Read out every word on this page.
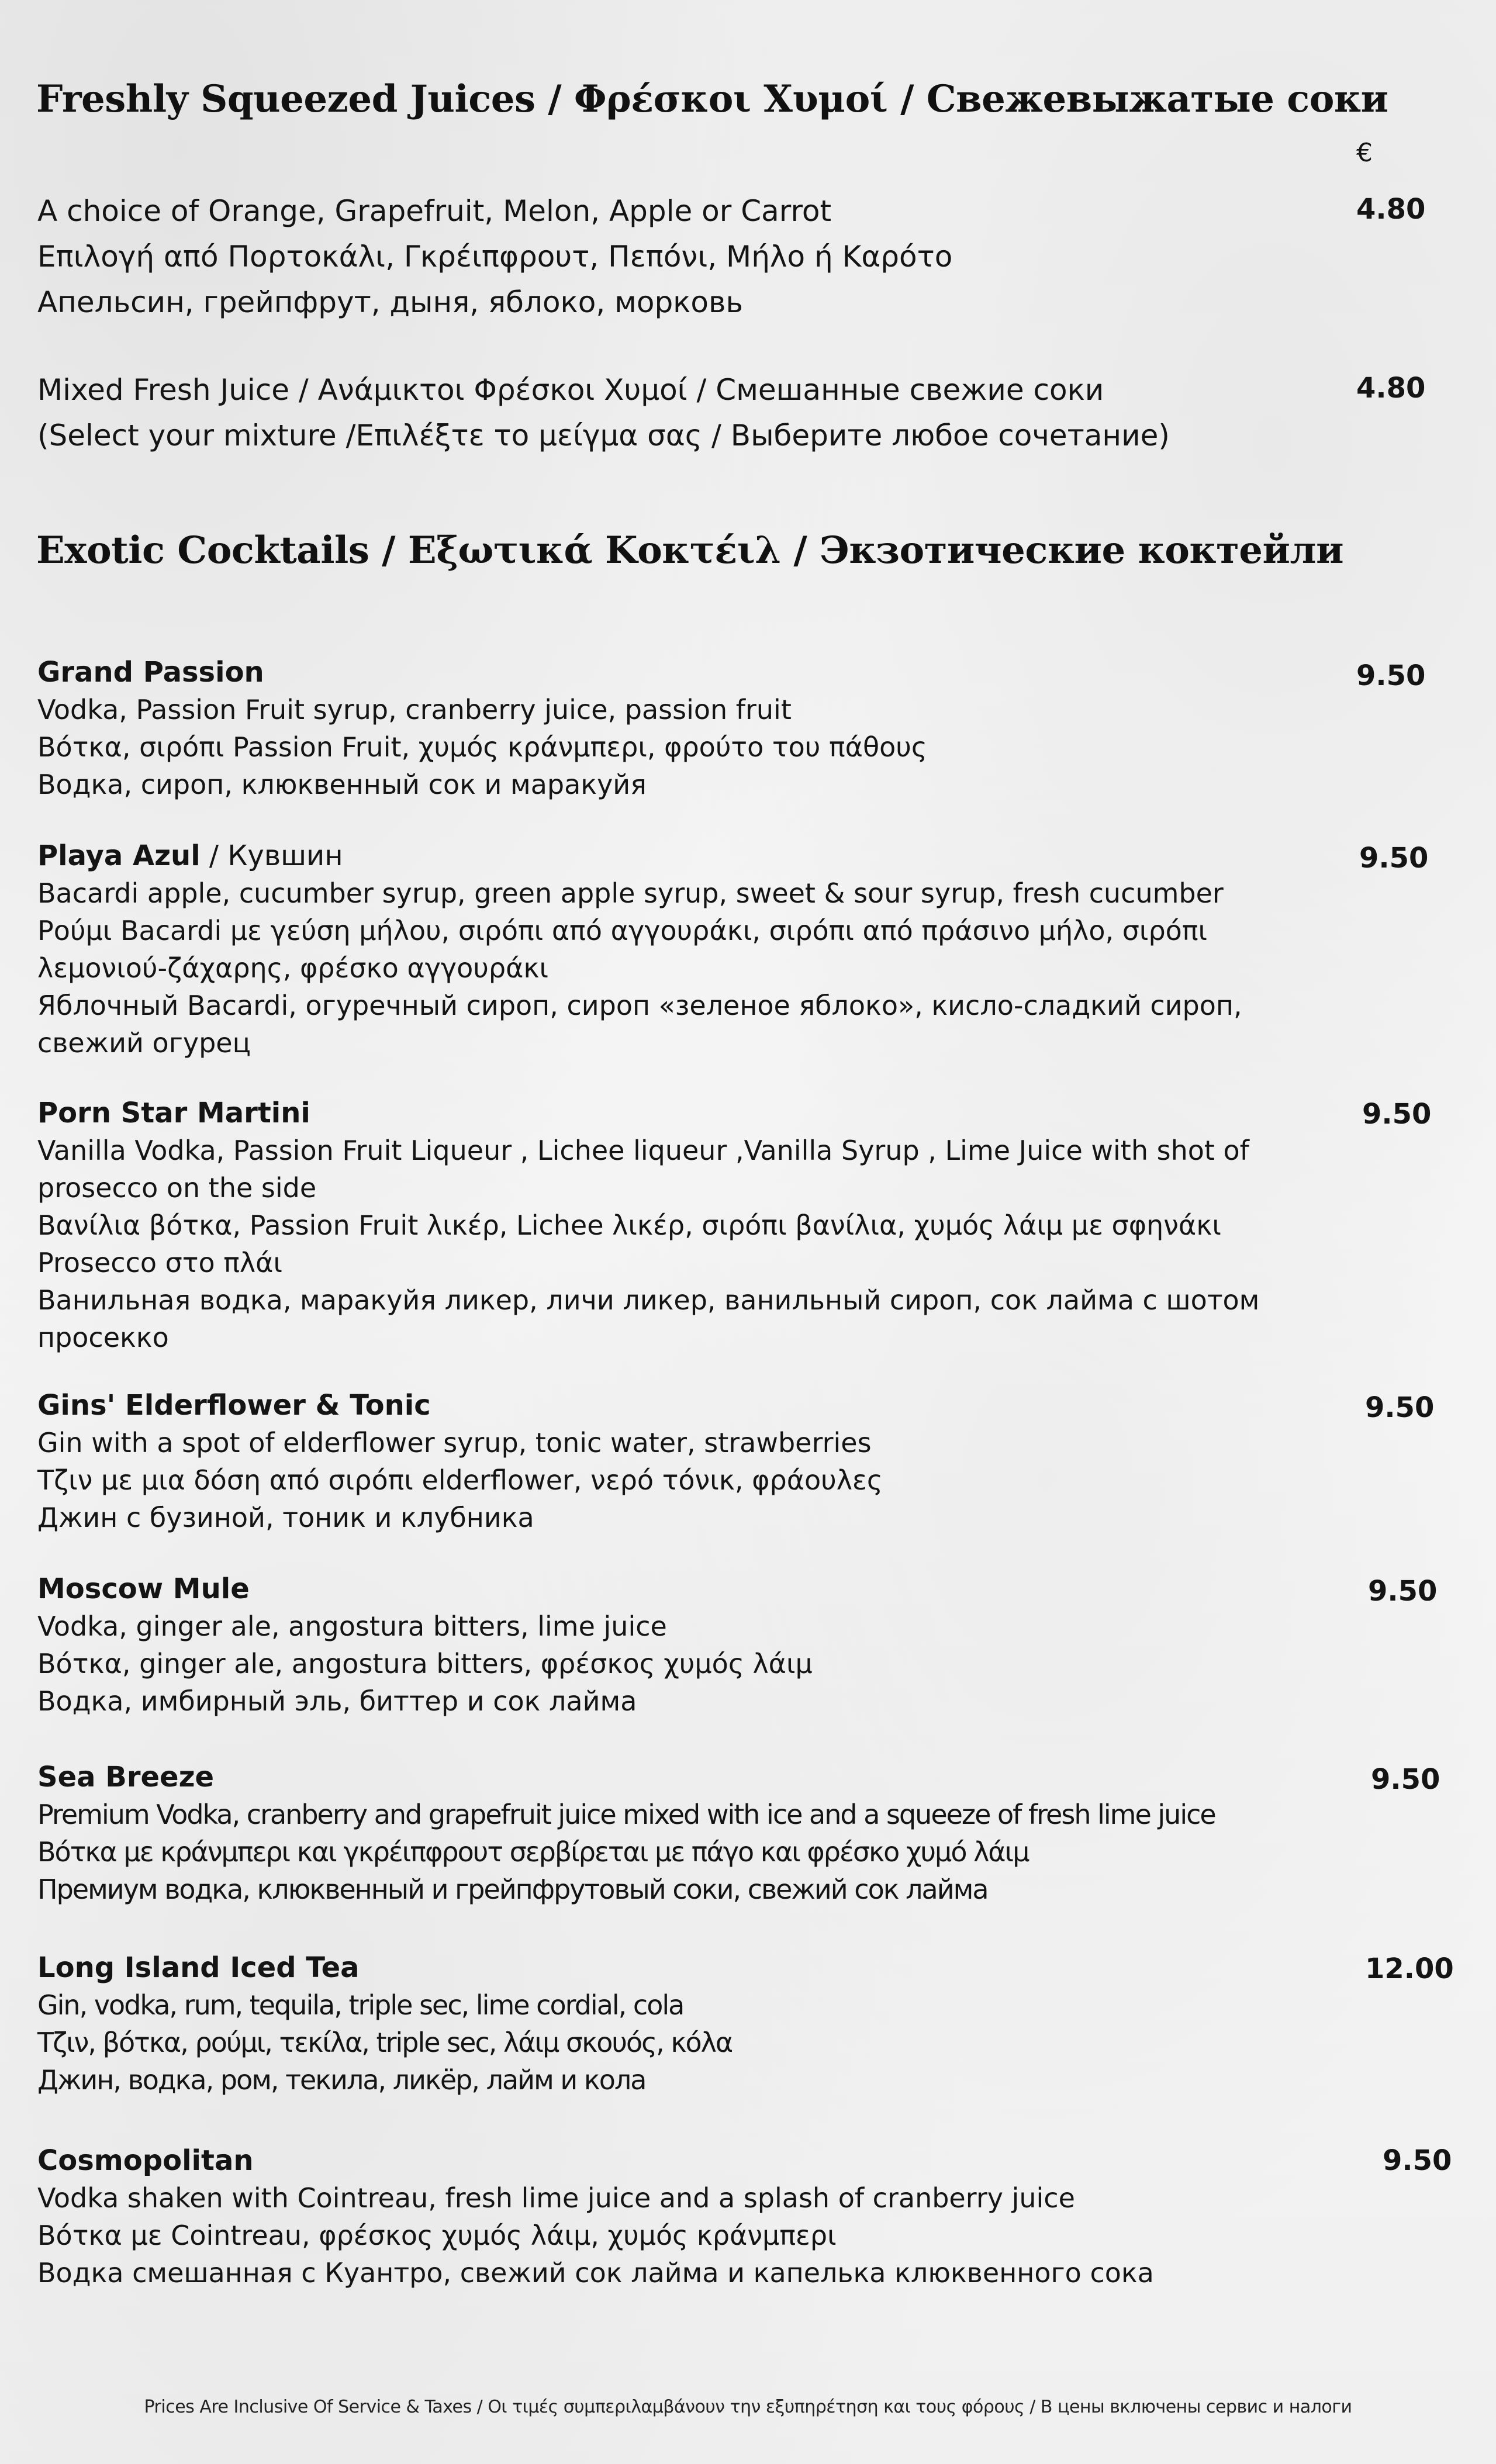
Freshly Squeezed Juices / Φρέσκοι Χυμοί / Свежевыжатые соки
€
A choice of Orange, Grapefruit, Melon, Apple or Carrot
Επιλογή από Πορτοκάλι, Γκρέιπφρουτ, Πεπόνι, Μήλο ή Καρότο
Апельсин, грейпфрут, дыня, яблоко, морковь
4.80
Mixed Fresh Juice / Ανάμικτοι Φρέσκοι Χυμοί / Смешанные свежие соки
(Select your mixture /Επιλέξτε το μείγμα σας / Выберите любое сочетание)
4.80
Exotic Cocktails / Εξωτικά Κοκτέιλ / Экзотические коктейли
Grand Passion
Vodka, Passion Fruit syrup, cranberry juice, passion fruit
Βότκα, σιρόπι Passion Fruit, χυμός κράνμπερι, φρούτο του πάθους
Водка, сироп, клюквенный сок и маракуйя
9.50
Playa Azul / Кувшин
Bacardi apple, cucumber syrup, green apple syrup, sweet & sour syrup, fresh cucumber
Ρούμι Bacardi με γεύση μήλου, σιρόπι από αγγουράκι, σιρόπι από πράσινο μήλο, σιρόπι
λεμονιού-ζάχαρης, φρέσκο αγγουράκι
Яблочный Bacardi, огуречный сироп, сироп «зеленое яблоко», кисло-сладкий сироп,
свежий огурец
9.50
Porn Star Martini
Vanilla Vodka, Passion Fruit Liqueur , Lichee liqueur ,Vanilla Syrup , Lime Juice with shot of
prosecco on the side
Βανίλια βότκα, Passion Fruit λικέρ, Lichee λικέρ, σιρόπι βανίλια, χυμός λάιμ με σφηνάκι
Prosecco στο πλάι
Ванильная водка, маракуйя ликер, личи ликер, ванильный сироп, сок лайма с шотом
просекко
9.50
Gins' Elderflower & Tonic
Gin with a spot of elderflower syrup, tonic water, strawberries
Τζιν με μια δόση από σιρόπι elderflower, νερό τόνικ, φράουλες
Джин с бузиной, тоник и клубника
9.50
Moscow Mule
Vodka, ginger ale, angostura bitters, lime juice
Βότκα, ginger ale, angostura bitters, φρέσκος χυμός λάιμ
Водка, имбирный эль, биттер и сок лайма
9.50
Sea Breeze
Premium Vodka, cranberry and grapefruit juice mixed with ice and a squeeze of fresh lime juice
Βότκα με κράνμπερι και γκρέιπφρουτ σερβίρεται με πάγο και φρέσκο χυμό λάιμ
Премиум водка, клюквенный и грейпфрутовый соки, свежий сок лайма
9.50
Long Island Iced Tea
Gin, vodka, rum, tequila, triple sec, lime cordial, cola
Τζιν, βότκα, ρούμι, τεκίλα, triple sec, λάιμ σκουός, κόλα
Джин, водка, ром, текила, ликёр, лайм и кола
12.00
Cosmopolitan
Vodka shaken with Cointreau, fresh lime juice and a splash of cranberry juice
Βότκα με Cointreau, φρέσκος χυμός λάιμ, χυμός κράνμπερι
Водка смешанная с Куантро, свежий сок лайма и капелька клюквенного сока
9.50
Prices Are Inclusive Of Service & Taxes / Οι τιμές συμπεριλαμβάνουν την εξυπηρέτηση και τους φόρους / В цены включены сервис и налоги
